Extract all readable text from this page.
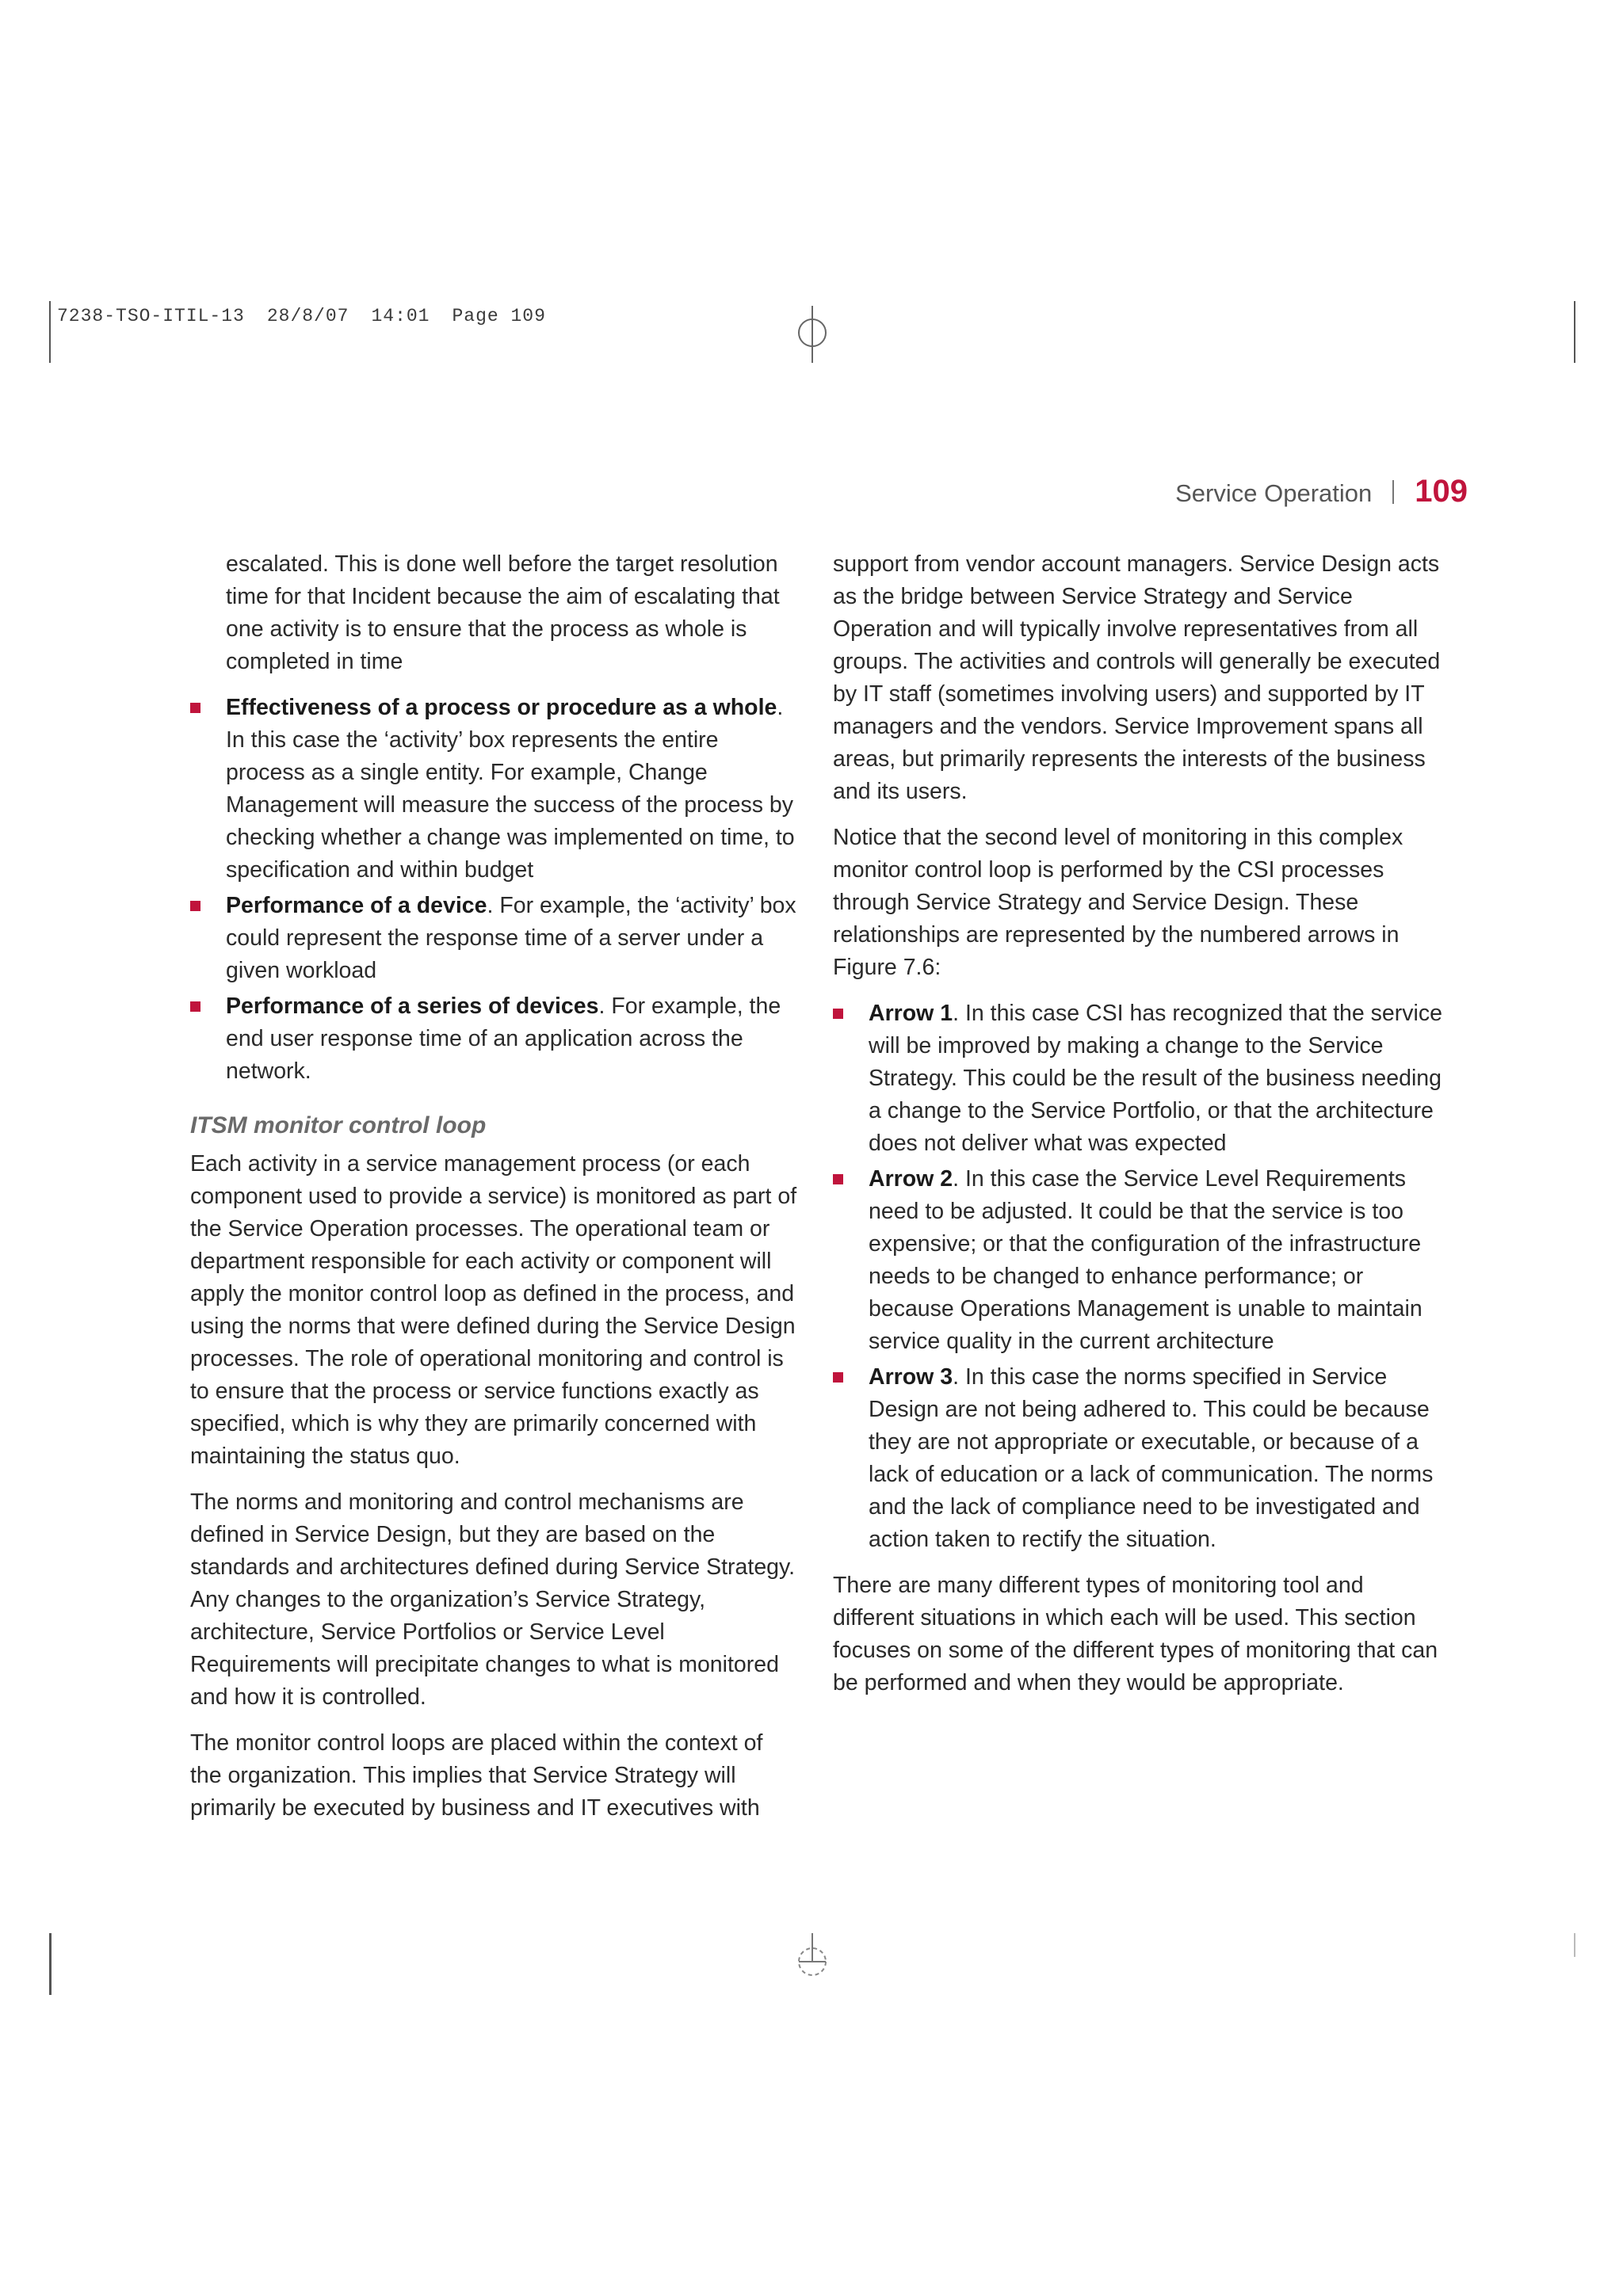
7238-TSO-ITIL-13 28/8/07 14:01 Page 109
Service Operation 109

escalated. This is done well before the target resolution time for that Incident because the aim of escalating that one activity is to ensure that the process as whole is completed in time

Effectiveness of a process or procedure as a whole. In this case the ‘activity’ box represents the entire process as a single entity. For example, Change Management will measure the success of the process by checking whether a change was implemented on time, to specification and within budget
Performance of a device. For example, the ‘activity’ box could represent the response time of a server under a given workload
Performance of a series of devices. For example, the end user response time of an application across the network.
ITSM monitor control loop

Each activity in a service management process (or each component used to provide a service) is monitored as part of the Service Operation processes. The operational team or department responsible for each activity or component will apply the monitor control loop as defined in the process, and using the norms that were defined during the Service Design processes. The role of operational monitoring and control is to ensure that the process or service functions exactly as specified, which is why they are primarily concerned with maintaining the status quo.

The norms and monitoring and control mechanisms are defined in Service Design, but they are based on the standards and architectures defined during Service Strategy. Any changes to the organization’s Service Strategy, architecture, Service Portfolios or Service Level Requirements will precipitate changes to what is monitored and how it is controlled.

The monitor control loops are placed within the context of the organization. This implies that Service Strategy will primarily be executed by business and IT executives with

support from vendor account managers. Service Design acts as the bridge between Service Strategy and Service Operation and will typically involve representatives from all groups. The activities and controls will generally be executed by IT staff (sometimes involving users) and supported by IT managers and the vendors. Service Improvement spans all areas, but primarily represents the interests of the business and its users.

Notice that the second level of monitoring in this complex monitor control loop is performed by the CSI processes through Service Strategy and Service Design. These relationships are represented by the numbered arrows in Figure 7.6:

Arrow 1. In this case CSI has recognized that the service will be improved by making a change to the Service Strategy. This could be the result of the business needing a change to the Service Portfolio, or that the architecture does not deliver what was expected
Arrow 2. In this case the Service Level Requirements need to be adjusted. It could be that the service is too expensive; or that the configuration of the infrastructure needs to be changed to enhance performance; or because Operations Management is unable to maintain service quality in the current architecture
Arrow 3. In this case the norms specified in Service Design are not being adhered to. This could be because they are not appropriate or executable, or because of a lack of education or a lack of communication. The norms and the lack of compliance need to be investigated and action taken to rectify the situation.

There are many different types of monitoring tool and different situations in which each will be used. This section focuses on some of the different types of monitoring that can be performed and when they would be appropriate.
